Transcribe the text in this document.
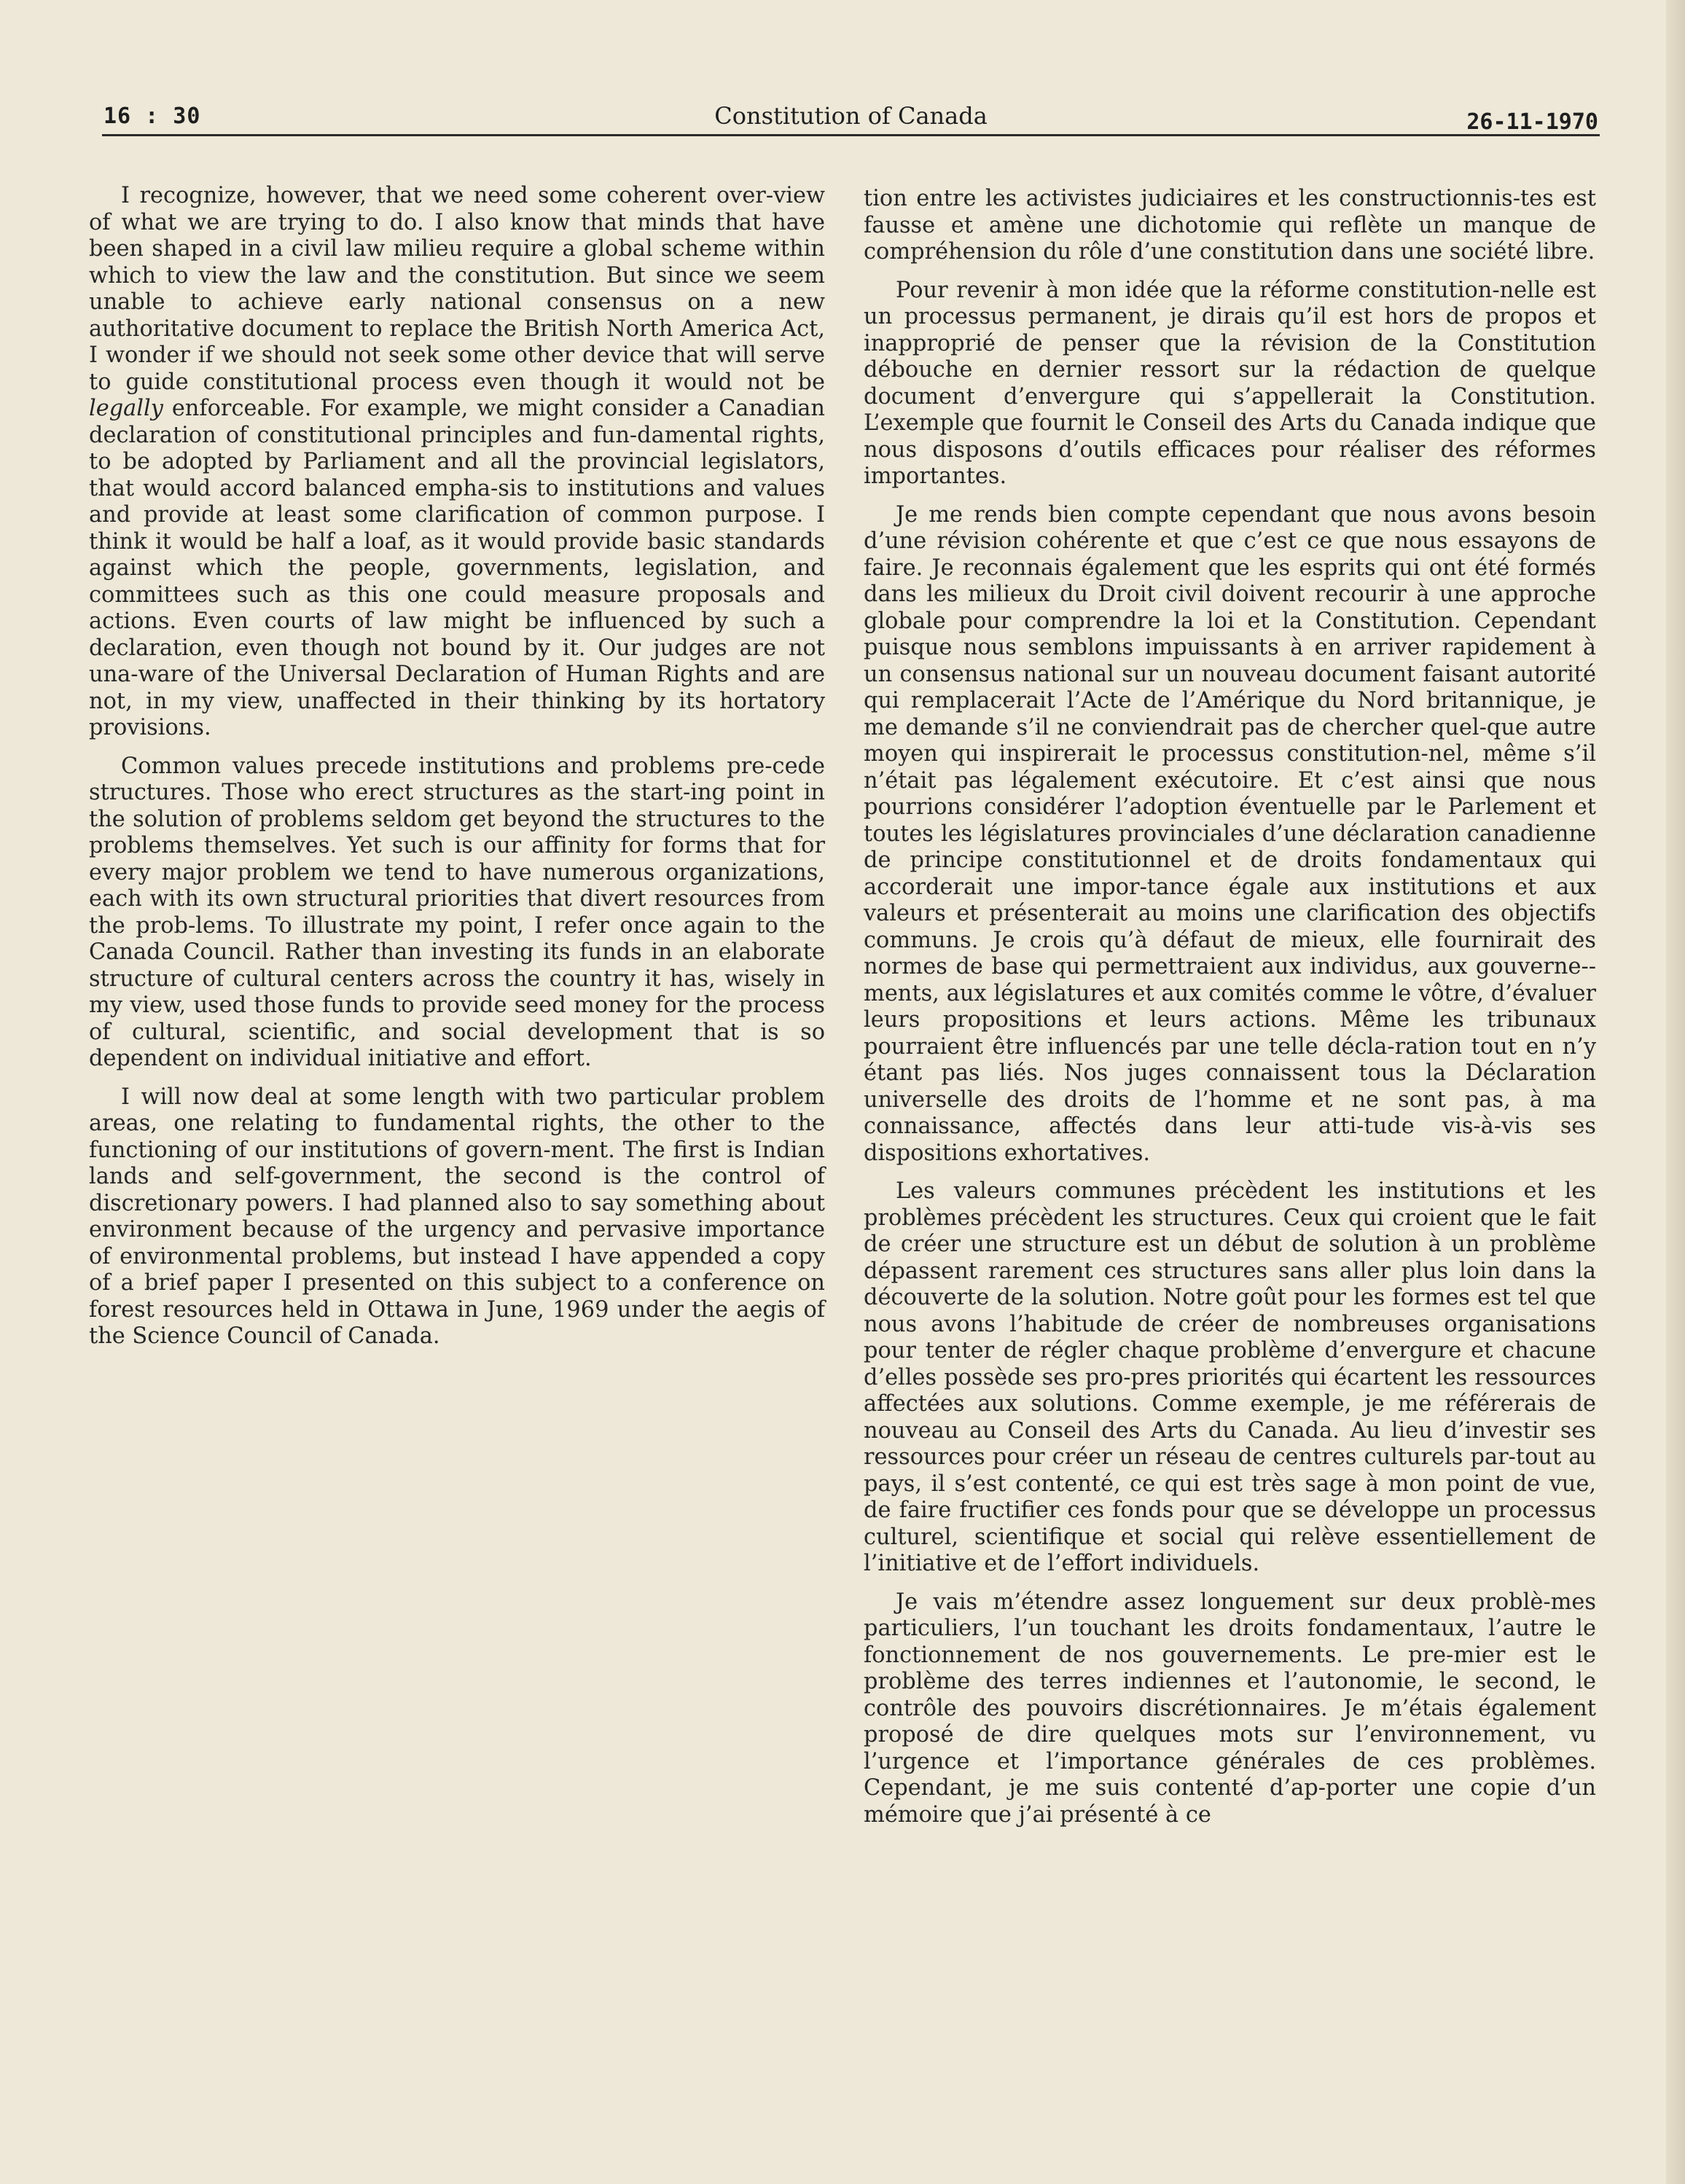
16 : 30	Constitution of Canada	26-11-1970

I recognize, however, that we need some coherent over-view of what we are trying to do. I also know that minds that have been shaped in a civil law milieu require a global scheme within which to view the law and the constitution. But since we seem unable to achieve early national consensus on a new authoritative document to replace the British North America Act, I wonder if we should not seek some other device that will serve to guide constitutional process even though it would not be legally enforceable. For example, we might consider a Canadian declaration of constitutional principles and fun-damental rights, to be adopted by Parliament and all the provincial legislators, that would accord balanced empha-sis to institutions and values and provide at least some clarification of common purpose. I think it would be half a loaf, as it would provide basic standards against which the people, governments, legislation, and committees such as this one could measure proposals and actions. Even courts of law might be influenced by such a declaration, even though not bound by it. Our judges are not una-ware of the Universal Declaration of Human Rights and are not, in my view, unaffected in their thinking by its hortatory provisions.

Common values precede institutions and problems pre-cede structures. Those who erect structures as the start-ing point in the solution of problems seldom get beyond the structures to the problems themselves. Yet such is our affinity for forms that for every major problem we tend to have numerous organizations, each with its own structural priorities that divert resources from the prob-lems. To illustrate my point, I refer once again to the Canada Council. Rather than investing its funds in an elaborate structure of cultural centers across the country it has, wisely in my view, used those funds to provide seed money for the process of cultural, scientific, and social development that is so dependent on individual initiative and effort.

I will now deal at some length with two particular problem areas, one relating to fundamental rights, the other to the functioning of our institutions of govern-ment. The first is Indian lands and self-government, the second is the control of discretionary powers. I had planned also to say something about environment because of the urgency and pervasive importance of environmental problems, but instead I have appended a copy of a brief paper I presented on this subject to a conference on forest resources held in Ottawa in June, 1969 under the aegis of the Science Council of Canada.

tion entre les activistes judiciaires et les constructionnis-tes est fausse et amène une dichotomie qui reflète un manque de compréhension du rôle d’une constitution dans une société libre.

Pour revenir à mon idée que la réforme constitution-nelle est un processus permanent, je dirais qu’il est hors de propos et inapproprié de penser que la révision de la Constitution débouche en dernier ressort sur la rédaction de quelque document d’envergure qui s’appellerait la Constitution. L’exemple que fournit le Conseil des Arts du Canada indique que nous disposons d’outils efficaces pour réaliser des réformes importantes.

Je me rends bien compte cependant que nous avons besoin d’une révision cohérente et que c’est ce que nous essayons de faire. Je reconnais également que les esprits qui ont été formés dans les milieux du Droit civil doivent recourir à une approche globale pour comprendre la loi et la Constitution. Cependant puisque nous semblons impuissants à en arriver rapidement à un consensus national sur un nouveau document faisant autorité qui remplacerait l’Acte de l’Amérique du Nord britannique, je me demande s’il ne conviendrait pas de chercher quel-que autre moyen qui inspirerait le processus constitution-nel, même s’il n’était pas légalement exécutoire. Et c’est ainsi que nous pourrions considérer l’adoption éventuelle par le Parlement et toutes les législatures provinciales d’une déclaration canadienne de principe constitutionnel et de droits fondamentaux qui accorderait une impor-tance égale aux institutions et aux valeurs et présenterait au moins une clarification des objectifs communs. Je crois qu’à défaut de mieux, elle fournirait des normes de base qui permettraient aux individus, aux gouverne-ments, aux législatures et aux comités comme le vôtre, d’évaluer leurs propositions et leurs actions. Même les tribunaux pourraient être influencés par une telle décla-ration tout en n’y étant pas liés. Nos juges connaissent tous la Déclaration universelle des droits de l’homme et ne sont pas, à ma connaissance, affectés dans leur atti-tude vis-à-vis ses dispositions exhortatives.

Les valeurs communes précèdent les institutions et les problèmes précèdent les structures. Ceux qui croient que le fait de créer une structure est un début de solution à un problème dépassent rarement ces structures sans aller plus loin dans la découverte de la solution. Notre goût pour les formes est tel que nous avons l’habitude de créer de nombreuses organisations pour tenter de régler chaque problème d’envergure et chacune d’elles possède ses pro-pres priorités qui écartent les ressources affectées aux solutions. Comme exemple, je me référerais de nouveau au Conseil des Arts du Canada. Au lieu d’investir ses ressources pour créer un réseau de centres culturels par-tout au pays, il s’est contenté, ce qui est très sage à mon point de vue, de faire fructifier ces fonds pour que se développe un processus culturel, scientifique et social qui relève essentiellement de l’initiative et de l’effort individuels.

Je vais m’étendre assez longuement sur deux problè-mes particuliers, l’un touchant les droits fondamentaux, l’autre le fonctionnement de nos gouvernements. Le pre-mier est le problème des terres indiennes et l’autonomie, le second, le contrôle des pouvoirs discrétionnaires. Je m’étais également proposé de dire quelques mots sur l’environnement, vu l’urgence et l’importance générales de ces problèmes. Cependant, je me suis contenté d’ap-porter une copie d’un mémoire que j’ai présenté à ce
